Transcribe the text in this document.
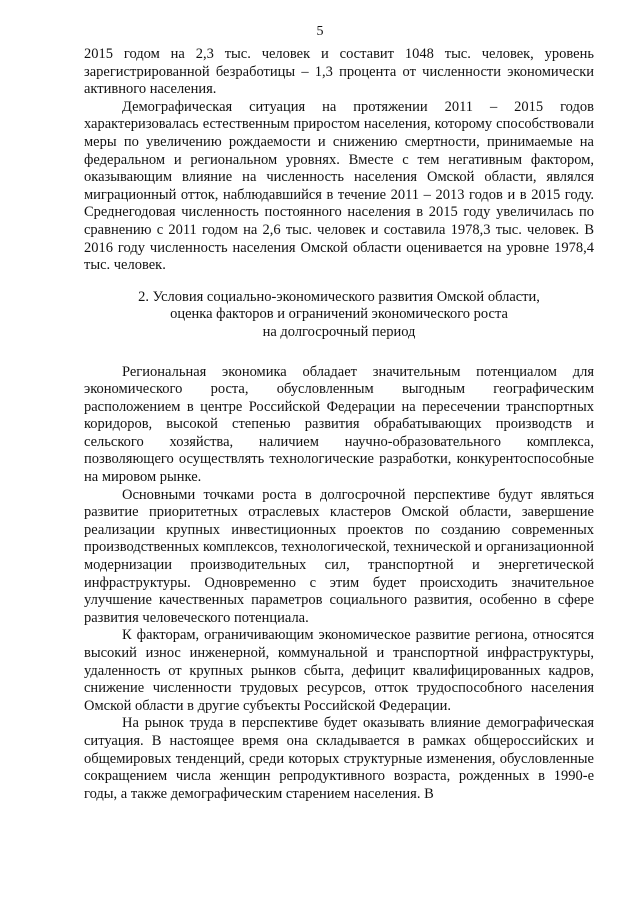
5

2015 годом на 2,3 тыс. человек и составит 1048 тыс. человек, уровень зарегистрированной безработицы – 1,3 процента от численности экономически активного населения.

Демографическая ситуация на протяжении 2011 – 2015 годов характеризовалась естественным приростом населения, которому способствовали меры по увеличению рождаемости и снижению смертности, принимаемые на федеральном и региональном уровнях. Вместе с тем негативным фактором, оказывающим влияние на численность населения Омской области, являлся миграционный отток, наблюдавшийся в течение 2011 – 2013 годов и в 2015 году. Среднегодовая численность постоянного населения в 2015 году увеличилась по сравнению с 2011 годом на 2,6 тыс. человек и составила 1978,3 тыс. человек. В 2016 году численность населения Омской области оценивается на уровне 1978,4 тыс. человек.

2. Условия социально-экономического развития Омской области,
оценка факторов и ограничений экономического роста
на долгосрочный период

Региональная экономика обладает значительным потенциалом для экономического роста, обусловленным выгодным географическим расположением в центре Российской Федерации на пересечении транспортных коридоров, высокой степенью развития обрабатывающих производств и сельского хозяйства, наличием научно-образовательного комплекса, позволяющего осуществлять технологические разработки, конкурентоспособные на мировом рынке.

Основными точками роста в долгосрочной перспективе будут являться развитие приоритетных отраслевых кластеров Омской области, завершение реализации крупных инвестиционных проектов по созданию современных производственных комплексов, технологической, технической и организационной модернизации производительных сил, транспортной и энергетической инфраструктуры. Одновременно с этим будет происходить значительное улучшение качественных параметров социального развития, особенно в сфере развития человеческого потенциала.

К факторам, ограничивающим экономическое развитие региона, относятся высокий износ инженерной, коммунальной и транспортной инфраструктуры, удаленность от крупных рынков сбыта, дефицит квалифицированных кадров, снижение численности трудовых ресурсов, отток трудоспособного населения Омской области в другие субъекты Российской Федерации.

На рынок труда в перспективе будет оказывать влияние демографическая ситуация. В настоящее время она складывается в рамках общероссийских и общемировых тенденций, среди которых структурные изменения, обусловленные сокращением числа женщин репродуктивного возраста, рожденных в 1990-е годы, а также демографическим старением населения. В
